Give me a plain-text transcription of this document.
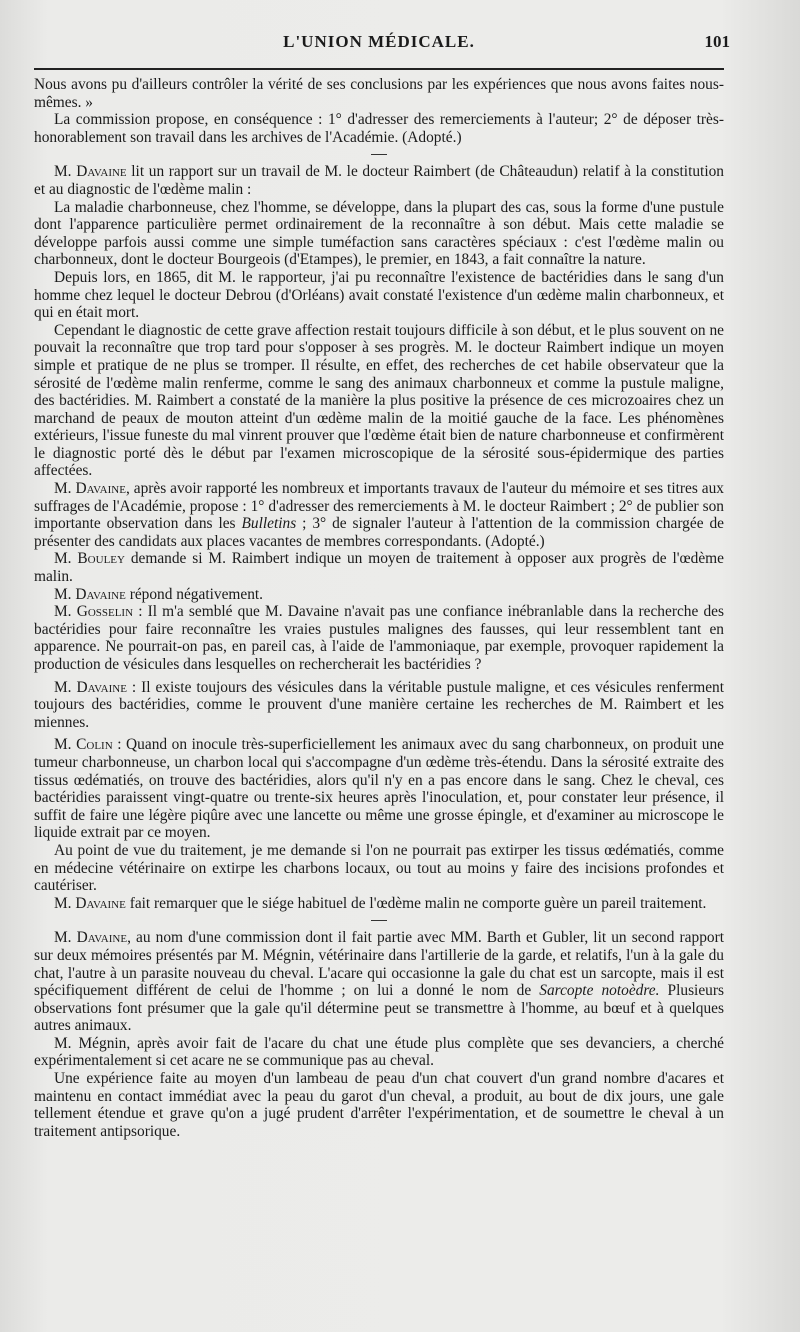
L'UNION MÉDICALE.	101

Nous avons pu d'ailleurs contrôler la vérité de ses conclusions par les expériences que nous avons faites nous-mêmes. »

La commission propose, en conséquence : 1° d'adresser des remerciements à l'auteur; 2° de déposer très-honorablement son travail dans les archives de l'Académie. (Adopté.)

M. Davaine lit un rapport sur un travail de M. le docteur Raimbert (de Châteaudun) relatif à la constitution et au diagnostic de l'œdème malin :

La maladie charbonneuse, chez l'homme, se développe, dans la plupart des cas, sous la forme d'une pustule dont l'apparence particulière permet ordinairement de la reconnaître à son début. Mais cette maladie se développe parfois aussi comme une simple tuméfaction sans caractères spéciaux : c'est l'œdème malin ou charbonneux, dont le docteur Bourgeois (d'Etampes), le premier, en 1843, a fait connaître la nature.

Depuis lors, en 1865, dit M. le rapporteur, j'ai pu reconnaître l'existence de bactéridies dans le sang d'un homme chez lequel le docteur Debrou (d'Orléans) avait constaté l'existence d'un œdème malin charbonneux, et qui en était mort.

Cependant le diagnostic de cette grave affection restait toujours difficile à son début, et le plus souvent on ne pouvait la reconnaître que trop tard pour s'opposer à ses progrès. M. le docteur Raimbert indique un moyen simple et pratique de ne plus se tromper. Il résulte, en effet, des recherches de cet habile observateur que la sérosité de l'œdème malin renferme, comme le sang des animaux charbonneux et comme la pustule maligne, des bactéridies. M. Raimbert a constaté de la manière la plus positive la présence de ces microzoaires chez un marchand de peaux de mouton atteint d'un œdème malin de la moitié gauche de la face. Les phénomènes extérieurs, l'issue funeste du mal vinrent prouver que l'œdème était bien de nature charbonneuse et confirmèrent le diagnostic porté dès le début par l'examen microscopique de la sérosité sous-épidermique des parties affectées.

M. Davaine, après avoir rapporté les nombreux et importants travaux de l'auteur du mémoire et ses titres aux suffrages de l'Académie, propose : 1° d'adresser des remerciements à M. le docteur Raimbert ; 2° de publier son importante observation dans les Bulletins ; 3° de signaler l'auteur à l'attention de la commission chargée de présenter des candidats aux places vacantes de membres correspondants. (Adopté.)

M. Bouley demande si M. Raimbert indique un moyen de traitement à opposer aux progrès de l'œdème malin.

M. Davaine répond négativement.

M. Gosselin : Il m'a semblé que M. Davaine n'avait pas une confiance inébranlable dans la recherche des bactéridies pour faire reconnaître les vraies pustules malignes des fausses, qui leur ressemblent tant en apparence. Ne pourrait-on pas, en pareil cas, à l'aide de l'ammoniaque, par exemple, provoquer rapidement la production de vésicules dans lesquelles on rechercherait les bactéridies ?

M. Davaine : Il existe toujours des vésicules dans la véritable pustule maligne, et ces vésicules renferment toujours des bactéridies, comme le prouvent d'une manière certaine les recherches de M. Raimbert et les miennes.

M. Colin : Quand on inocule très-superficiellement les animaux avec du sang charbonneux, on produit une tumeur charbonneuse, un charbon local qui s'accompagne d'un œdème très-étendu. Dans la sérosité extraite des tissus œdématiés, on trouve des bactéridies, alors qu'il n'y en a pas encore dans le sang. Chez le cheval, ces bactéridies paraissent vingt-quatre ou trente-six heures après l'inoculation, et, pour constater leur présence, il suffit de faire une légère piqûre avec une lancette ou même une grosse épingle, et d'examiner au microscope le liquide extrait par ce moyen.

Au point de vue du traitement, je me demande si l'on ne pourrait pas extirper les tissus œdématiés, comme en médecine vétérinaire on extirpe les charbons locaux, ou tout au moins y faire des incisions profondes et cautériser.

M. Davaine fait remarquer que le siége habituel de l'œdème malin ne comporte guère un pareil traitement.

M. Davaine, au nom d'une commission dont il fait partie avec MM. Barth et Gubler, lit un second rapport sur deux mémoires présentés par M. Mégnin, vétérinaire dans l'artillerie de la garde, et relatifs, l'un à la gale du chat, l'autre à un parasite nouveau du cheval. L'acare qui occasionne la gale du chat est un sarcopte, mais il est spécifiquement différent de celui de l'homme ; on lui a donné le nom de Sarcopte notoèdre. Plusieurs observations font présumer que la gale qu'il détermine peut se transmettre à l'homme, au bœuf et à quelques autres animaux.

M. Mégnin, après avoir fait de l'acare du chat une étude plus complète que ses devanciers, a cherché expérimentalement si cet acare ne se communique pas au cheval.

Une expérience faite au moyen d'un lambeau de peau d'un chat couvert d'un grand nombre d'acares et maintenu en contact immédiat avec la peau du garot d'un cheval, a produit, au bout de dix jours, une gale tellement étendue et grave qu'on a jugé prudent d'arrêter l'expérimentation, et de soumettre le cheval à un traitement antipsorique.
